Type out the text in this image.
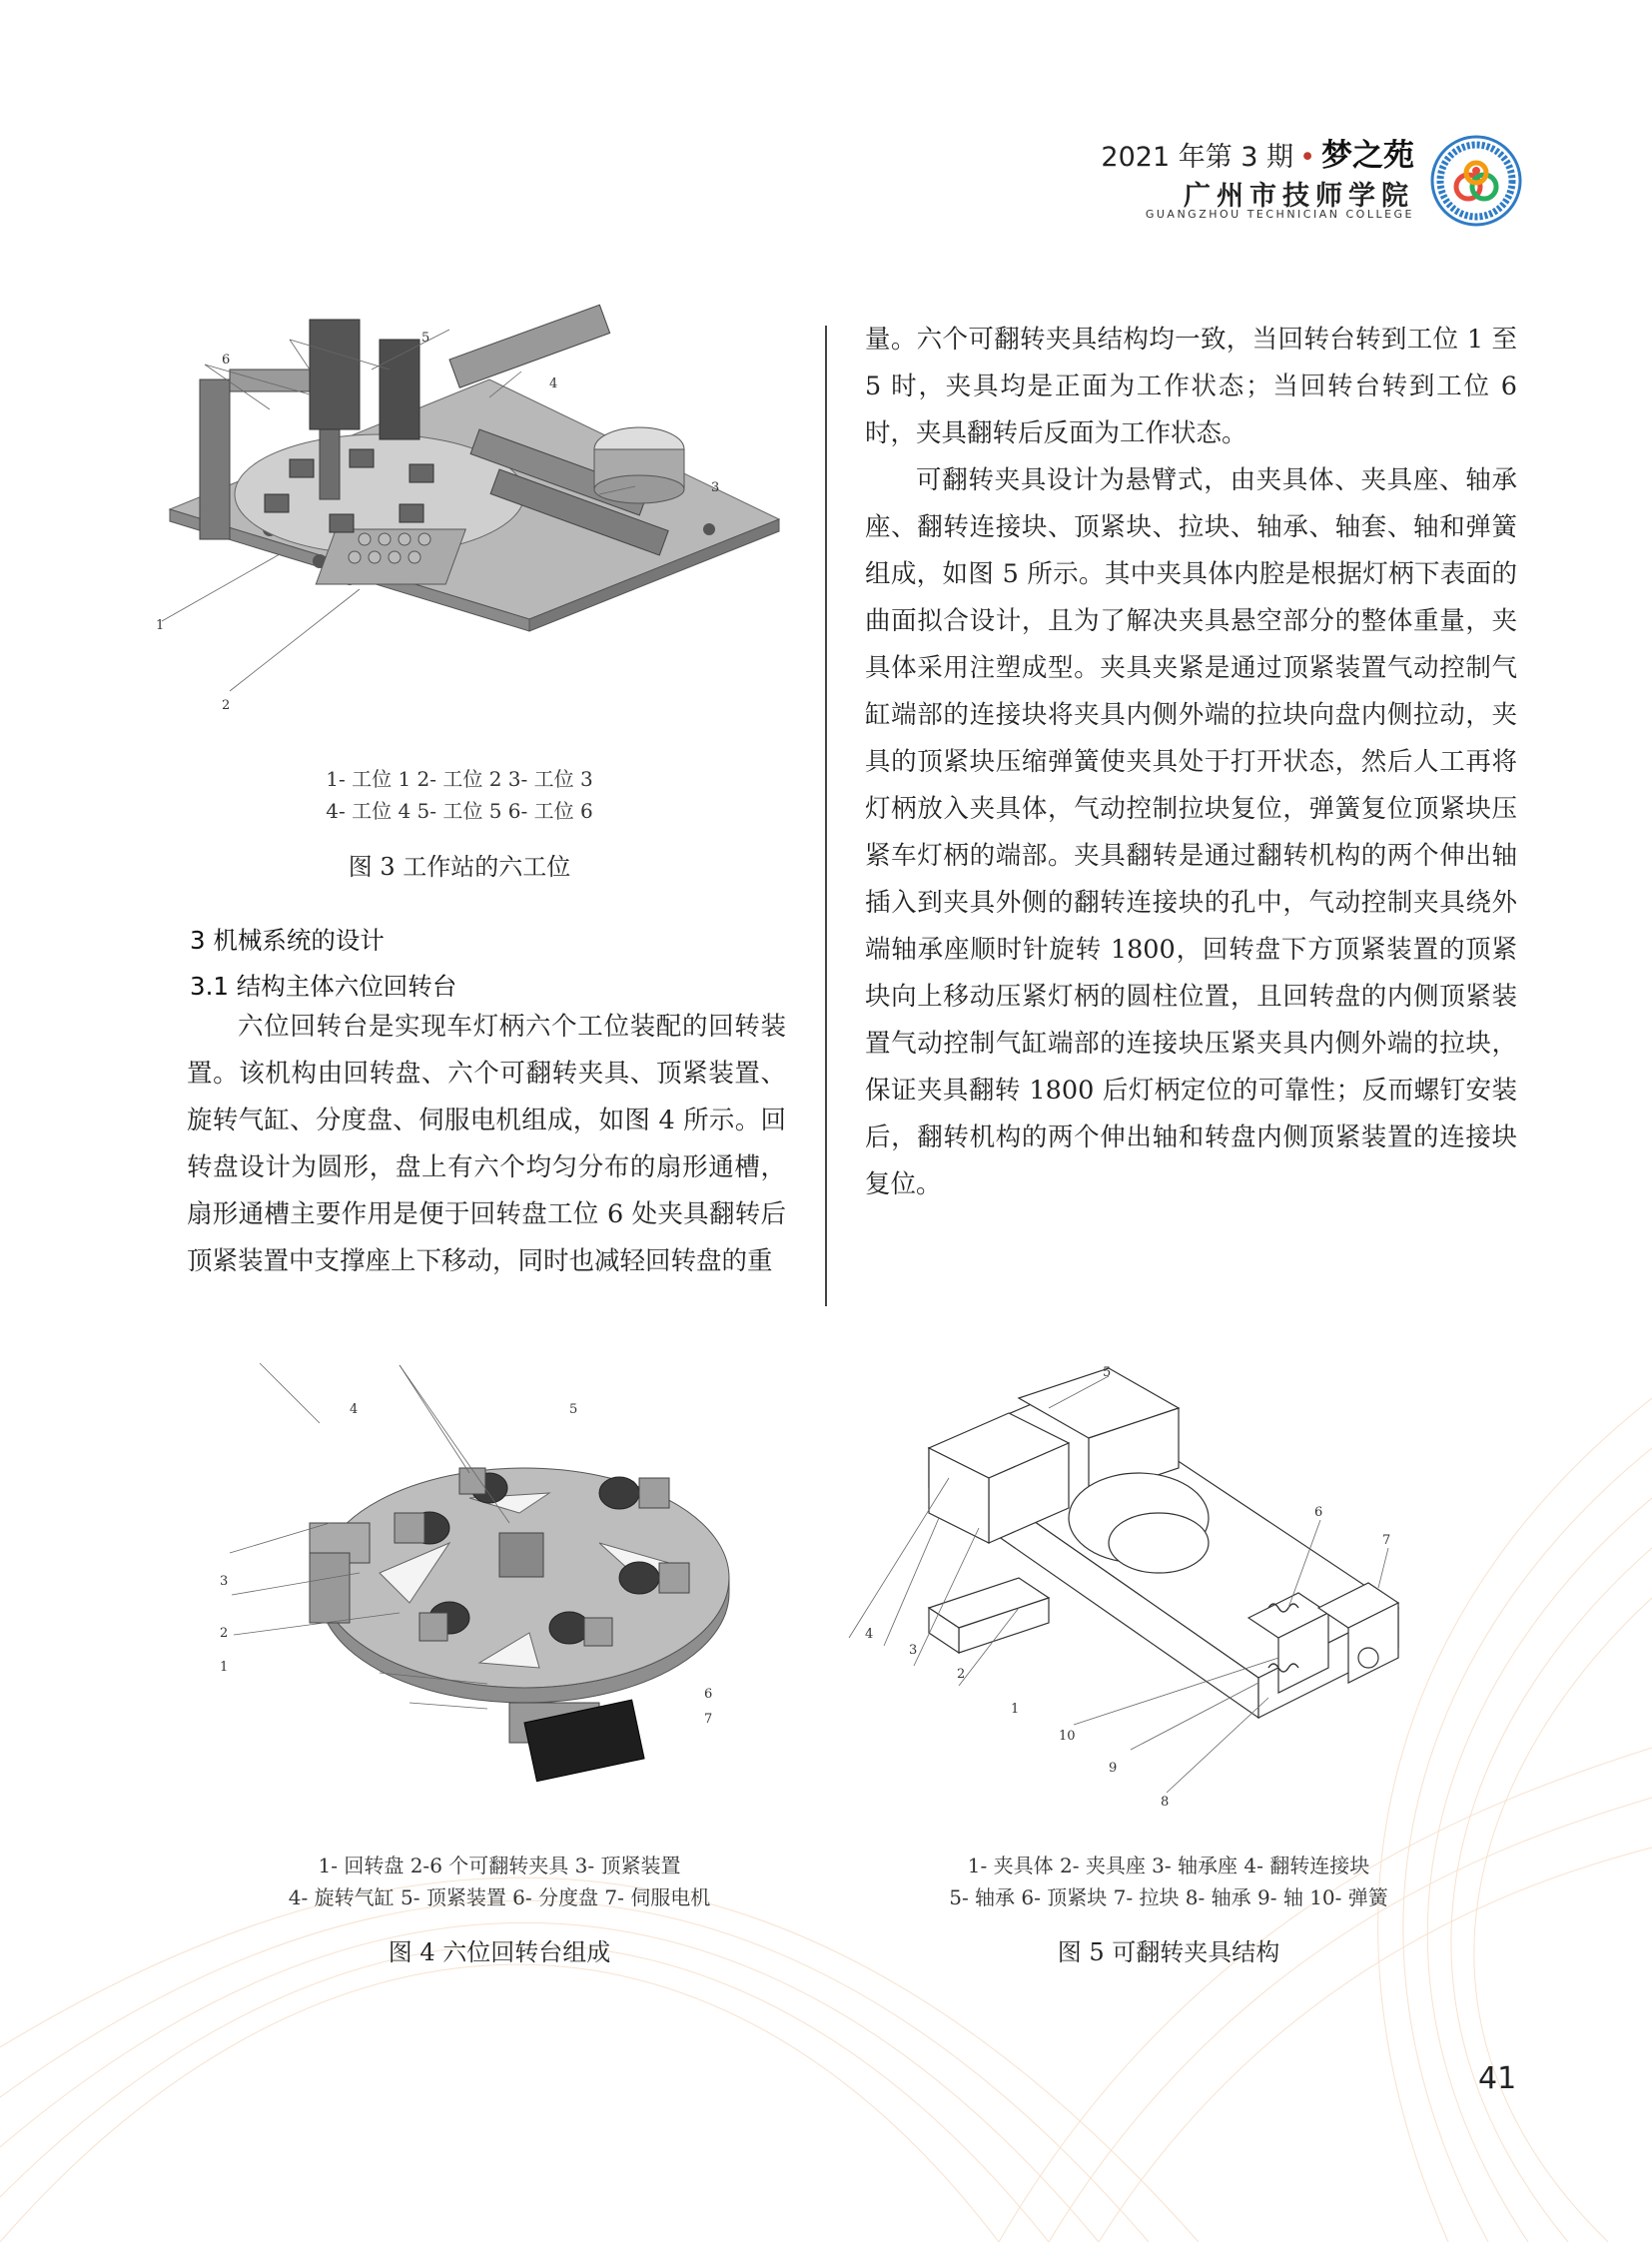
2021 年第 3 期 • 梦之苑
广州市技师学院
GUANGZHOU TECHNICIAN COLLEGE
1
2
3
4
5
6
1- 工位 1 2- 工位 2 3- 工位 3
4- 工位 4 5- 工位 5 6- 工位 6
图 3 工作站的六工位
3 机械系统的设计
3.1 结构主体六位回转台

六位回转台是实现车灯柄六个工位装配的回转装置。该机构由回转盘、六个可翻转夹具、顶紧装置、旋转气缸、分度盘、伺服电机组成，如图 4 所示。回转盘设计为圆形，盘上有六个均匀分布的扇形通槽，扇形通槽主要作用是便于回转盘工位 6 处夹具翻转后顶紧装置中支撑座上下移动，同时也减轻回转盘的重

量。六个可翻转夹具结构均一致，当回转台转到工位 1 至 5 时，夹具均是正面为工作状态；当回转台转到工位 6 时，夹具翻转后反面为工作状态。

可翻转夹具设计为悬臂式，由夹具体、夹具座、轴承座、翻转连接块、顶紧块、拉块、轴承、轴套、轴和弹簧组成，如图 5 所示。其中夹具体内腔是根据灯柄下表面的曲面拟合设计，且为了解决夹具悬空部分的整体重量，夹具体采用注塑成型。夹具夹紧是通过顶紧装置气动控制气缸端部的连接块将夹具内侧外端的拉块向盘内侧拉动，夹具的顶紧块压缩弹簧使夹具处于打开状态，然后人工再将灯柄放入夹具体，气动控制拉块复位，弹簧复位顶紧块压紧车灯柄的端部。夹具翻转是通过翻转机构的两个伸出轴插入到夹具外侧的翻转连接块的孔中，气动控制夹具绕外端轴承座顺时针旋转 1800，回转盘下方顶紧装置的顶紧块向上移动压紧灯柄的圆柱位置，且回转盘的内侧顶紧装置气动控制气缸端部的连接块压紧夹具内侧外端的拉块，保证夹具翻转 1800 后灯柄定位的可靠性；反而螺钉安装后，翻转机构的两个伸出轴和转盘内侧顶紧装置的连接块复位。

1
2
3
4	5
6
7
1- 回转盘 2-6 个可翻转夹具 3- 顶紧装置
4- 旋转气缸 5- 顶紧装置 6- 分度盘 7- 伺服电机
图 4 六位回转台组成
1
2
3
4
5
6
7
8
9
10
1- 夹具体 2- 夹具座 3- 轴承座 4- 翻转连接块
5- 轴承 6- 顶紧块 7- 拉块 8- 轴承 9- 轴 10- 弹簧
图 5 可翻转夹具结构
41
